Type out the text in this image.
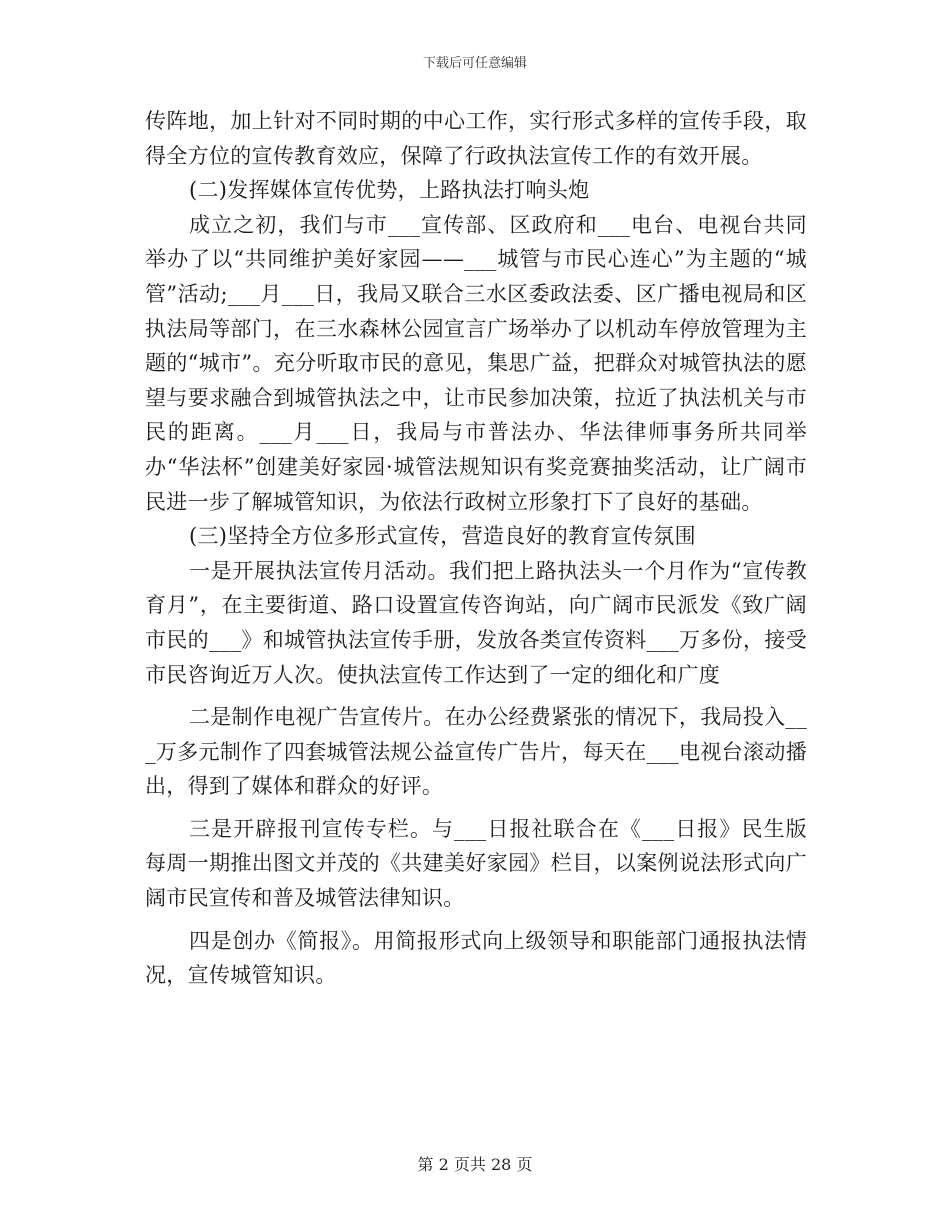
下载后可任意编辑

传阵地，加上针对不同时期的中心工作，实行形式多样的宣传手段，取得全方位的宣传教育效应，保障了行政执法宣传工作的有效开展。

(二)发挥媒体宣传优势，上路执法打响头炮

成立之初，我们与市___宣传部、区政府和___电台、电视台共同举办了以“共同维护美好家园——___城管与市民心连心”为主题的“城管”活动;___月___日，我局又联合三水区委政法委、区广播电视局和区执法局等部门，在三水森林公园宣言广场举办了以机动车停放管理为主题的“城市”。充分听取市民的意见，集思广益，把群众对城管执法的愿望与要求融合到城管执法之中，让市民参加决策，拉近了执法机关与市民的距离。___月___日，我局与市普法办、华法律师事务所共同举办“华法杯”创建美好家园·城管法规知识有奖竞赛抽奖活动，让广阔市民进一步了解城管知识，为依法行政树立形象打下了良好的基础。

(三)坚持全方位多形式宣传，营造良好的教育宣传氛围

一是开展执法宣传月活动。我们把上路执法头一个月作为“宣传教育月”，在主要街道、路口设置宣传咨询站，向广阔市民派发《致广阔市民的___》和城管执法宣传手册，发放各类宣传资料___万多份，接受市民咨询近万人次。使执法宣传工作达到了一定的细化和广度

二是制作电视广告宣传片。在办公经费紧张的情况下，我局投入___万多元制作了四套城管法规公益宣传广告片，每天在___电视台滚动播出，得到了媒体和群众的好评。

三是开辟报刊宣传专栏。与___日报社联合在《___日报》民生版每周一期推出图文并茂的《共建美好家园》栏目，以案例说法形式向广阔市民宣传和普及城管法律知识。

四是创办《简报》。用简报形式向上级领导和职能部门通报执法情况，宣传城管知识。

第 2 页共 28 页
